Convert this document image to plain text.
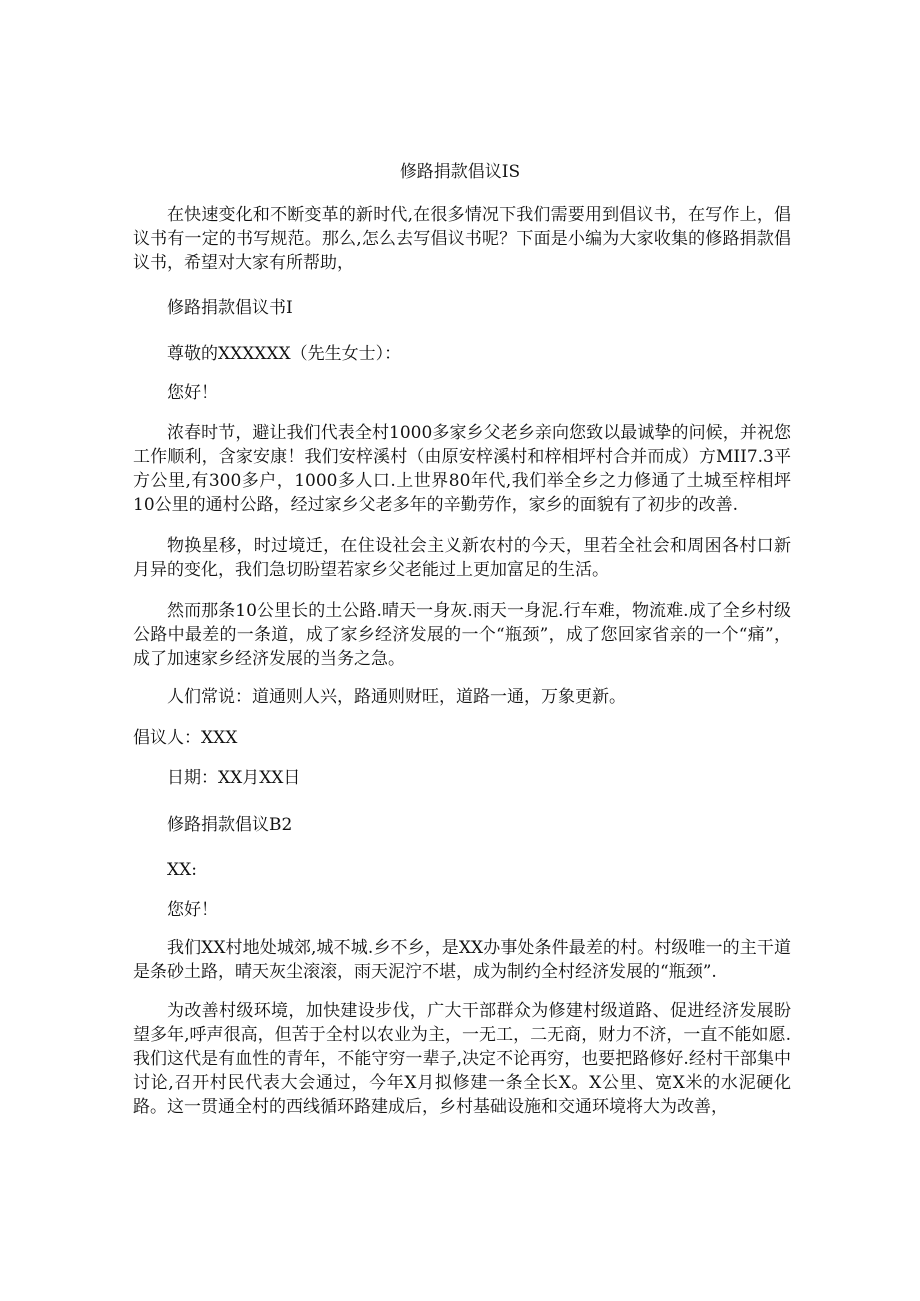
修路捐款倡议IS

在快速变化和不断变革的新时代,在很多情况下我们需要用到倡议书，在写作上，倡议书有一定的书写规范。那么,怎么去写倡议书呢？下面是小编为大家收集的修路捐款倡议书，希望对大家有所帮助，

修路捐款倡议书I

尊敬的XXXXXX（先生女士）：

您好！

浓春时节，避让我们代表全村1000多家乡父老乡亲向您致以最诚挚的问候，并祝您工作顺利，含家安康！我们安梓溪村（由原安梓溪村和梓相坪村合并而成）方MII7.3平方公里,有300多户，1000多人口.上世界80年代,我们举全乡之力修通了土城至梓相坪10公里的通村公路，经过家乡父老多年的辛勤劳作，家乡的面貌有了初步的改善.

物换星移，时过境迁，在住设社会主义新农村的今天，里若全社会和周困各村口新月异的变化，我们急切盼望若家乡父老能过上更加富足的生活。

然而那条10公里长的土公路.晴天一身灰.雨天一身泥.行车难，物流难.成了全乡村级公路中最差的一条道，成了家乡经济发展的一个“瓶颈”，成了您回家省亲的一个“痛”，成了加速家乡经济发展的当务之急。

人们常说：道通则人兴，路通则财旺，道路一通，万象更新。

倡议人：XXX

日期：XX月XX日

修路捐款倡议B2

XX:

您好！

我们XX村地处城郊,城不城.乡不乡，是XX办事处条件最差的村。村级唯一的主干道是条砂土路，晴天灰尘滚滚，雨天泥泞不堪，成为制约全村经济发展的“瓶颈”.

为改善村级环境，加快建设步伐，广大干部群众为修建村级道路、促进经济发展盼望多年,呼声很高，但苦于全村以农业为主，一无工，二无商，财力不济，一直不能如愿.我们这代是有血性的青年，不能守穷一辈子,决定不论再穷，也要把路修好.经村干部集中讨论,召开村民代表大会通过，今年X月拟修建一条全长X。X公里、宽X米的水泥硬化路。这一贯通全村的西线循环路建成后，乡村基础设施和交通环境将大为改善，
